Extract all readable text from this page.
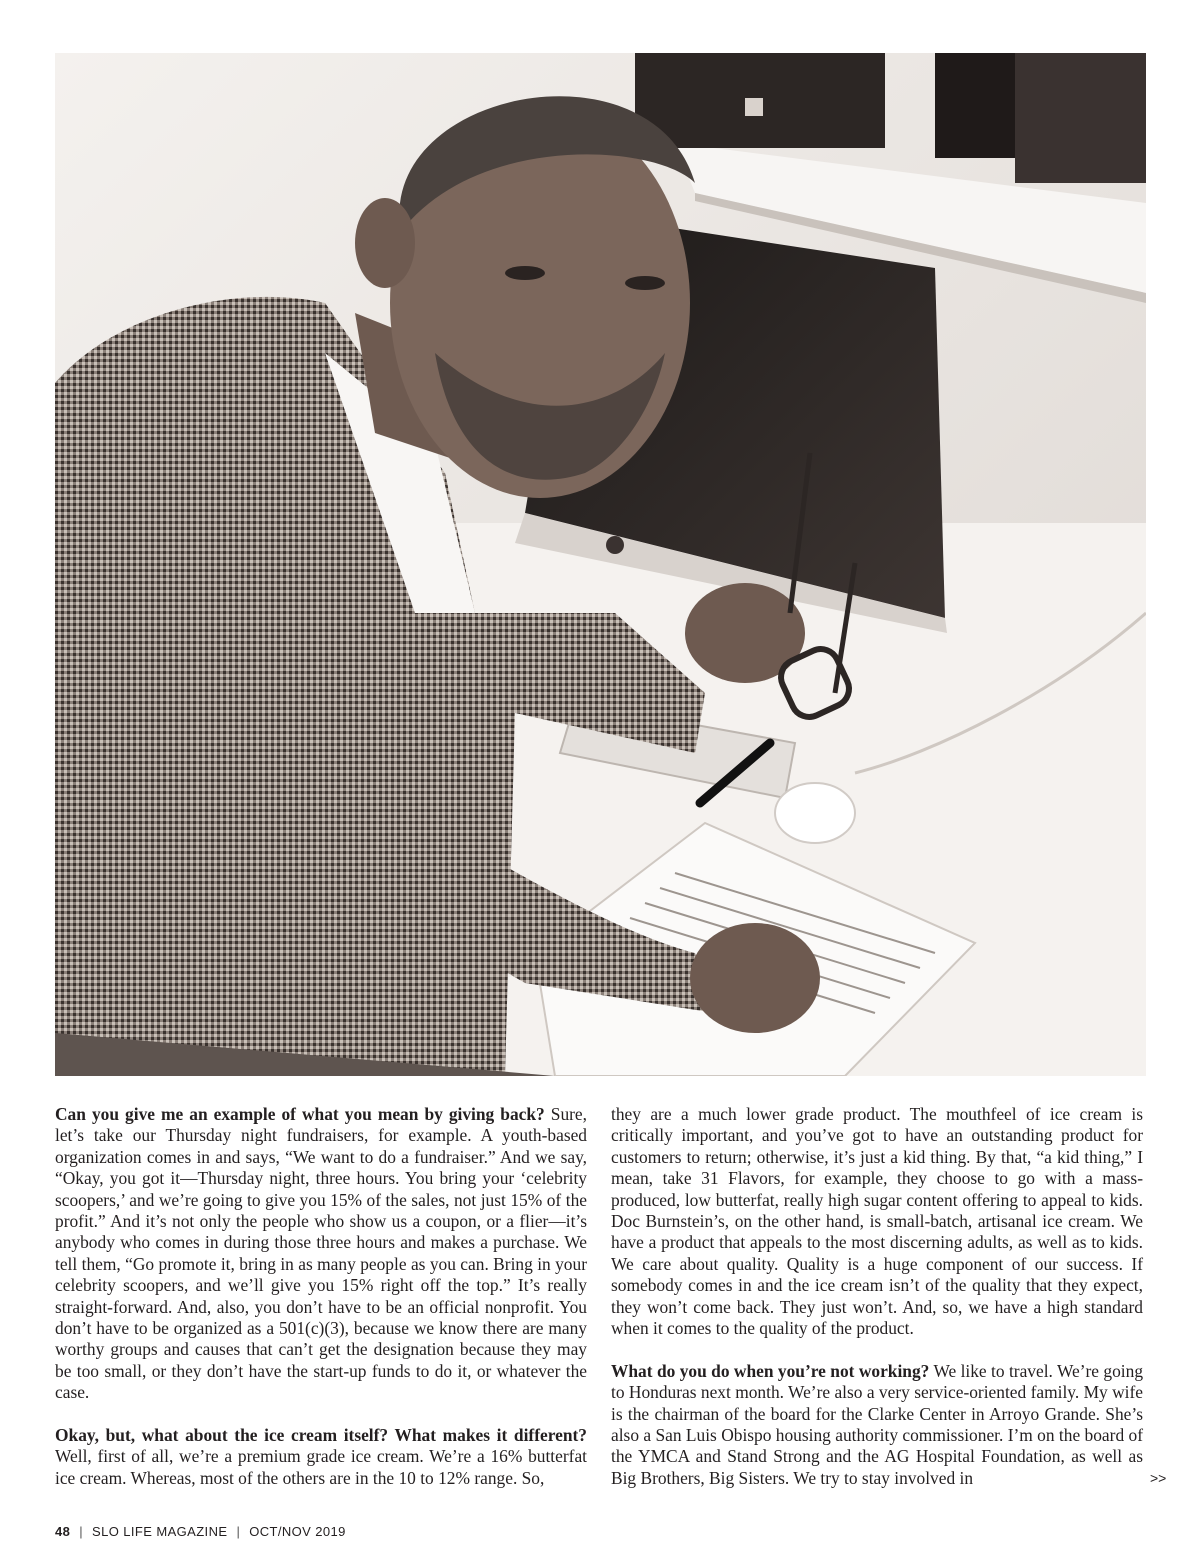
Can you give me an example of what you mean by giving back? Sure, let’s take our Thursday night fundraisers, for example. A youth-based organization comes in and says, “We want to do a fundraiser.” And we say, “Okay, you got it—Thursday night, three hours. You bring your ‘celebrity scoopers,’ and we’re going to give you 15% of the sales, not just 15% of the profit.” And it’s not only the people who show us a coupon, or a flier—it’s anybody who comes in during those three hours and makes a purchase. We tell them, “Go promote it, bring in as many people as you can. Bring in your celebrity scoopers, and we’ll give you 15% right off the top.” It’s really straight-forward. And, also, you don’t have to be an official nonprofit. You don’t have to be organized as a 501(c)(3), because we know there are many worthy groups and causes that can’t get the designation because they may be too small, or they don’t have the start-up funds to do it, or whatever the case.

Okay, but, what about the ice cream itself? What makes it different? Well, first of all, we’re a premium grade ice cream. We’re a 16% butterfat ice cream. Whereas, most of the others are in the 10 to 12% range. So,

they are a much lower grade product. The mouthfeel of ice cream is critically important, and you’ve got to have an outstanding product for customers to return; otherwise, it’s just a kid thing. By that, “a kid thing,” I mean, take 31 Flavors, for example, they choose to go with a mass-produced, low butterfat, really high sugar content offering to appeal to kids. Doc Burnstein’s, on the other hand, is small-batch, artisanal ice cream. We have a product that appeals to the most discerning adults, as well as to kids. We care about quality. Quality is a huge component of our success. If somebody comes in and the ice cream isn’t of the quality that they expect, they won’t come back. They just won’t. And, so, we have a high standard when it comes to the quality of the product.

What do you do when you’re not working? We like to travel. We’re going to Honduras next month. We’re also a very service-oriented family. My wife is the chairman of the board for the Clarke Center in Arroyo Grande. She’s also a San Luis Obispo housing authority commissioner. I’m on the board of the YMCA and Stand Strong and the AG Hospital Foundation, as well as Big Brothers, Big Sisters. We try to stay involved in	>>
48 | SLO LIFE MAGAZINE | OCT/NOV 2019
